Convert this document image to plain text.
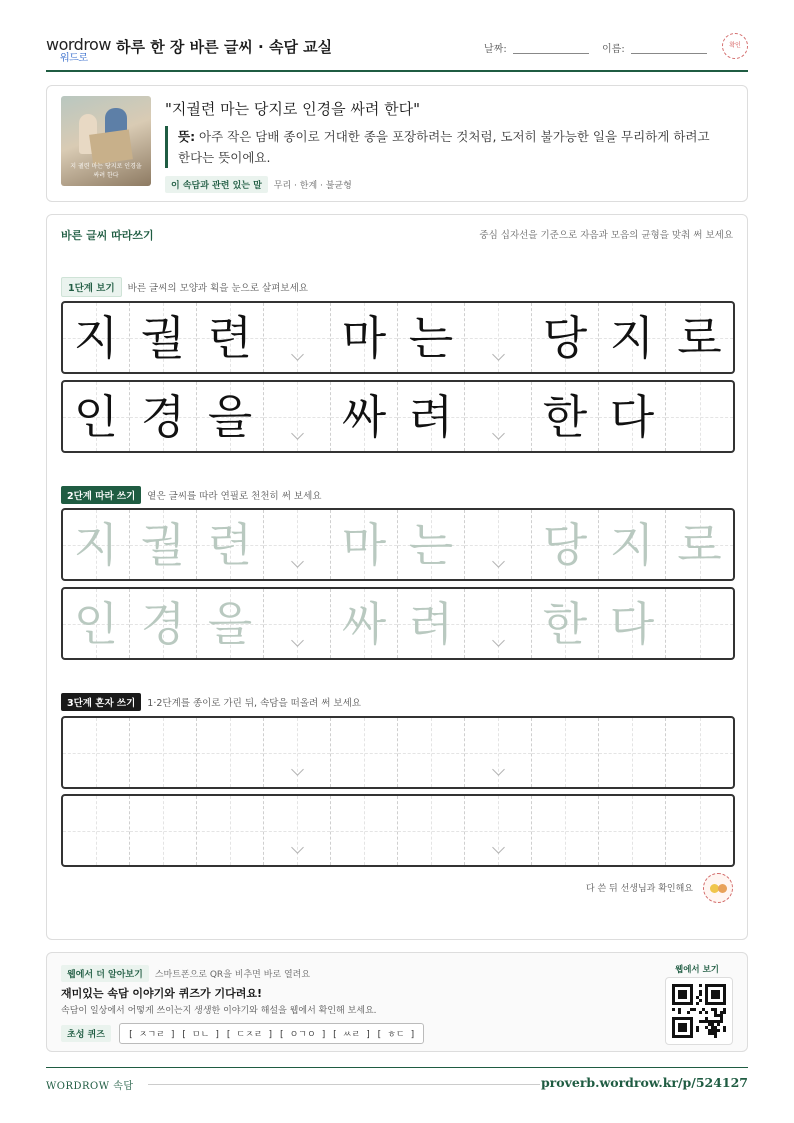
wordrow
워드로
하루 한 장 바른 글씨 · 속담 교실	날짜:	이름:	확인
지 궐련 마는 당지로 인경을 싸려 한다
"지궐련 마는 당지로 인경을 싸려 한다"
뜻: 아주 작은 담배 종이로 거대한 종을 포장하려는 것처럼, 도저히 불가능한 일을 무리하게 하려고 한다는 뜻이에요.
이 속담과 관련 있는 말 무리 · 한계 · 불균형
바른 글씨 따라쓰기	중심 십자선을 기준으로 자음과 모음의 균형을 맞춰 써 보세요
1단계 보기 바른 글씨의 모양과 획을 눈으로 살펴보세요
지 궐 련 마 는 당 지 로
인 경 을 싸 려 한 다
2단계 따라 쓰기 옅은 글씨를 따라 연필로 천천히 써 보세요
지 궐 련 마 는 당 지 로
인 경 을 싸 려 한 다
3단계 혼자 쓰기 1·2단계를 종이로 가린 뒤, 속담을 떠올려 써 보세요
다 쓴 뒤 선생님과 확인해요
웹에서 더 알아보기 스마트폰으로 QR을 비추면 바로 열려요
재미있는 속담 이야기와 퀴즈가 기다려요!
속담이 일상에서 어떻게 쓰이는지 생생한 이야기와 해설을 웹에서 확인해 보세요.
초성 퀴즈	[ ㅈㄱㄹ ] [ ㅁㄴ ] [ ㄷㅈㄹ ] [ ㅇㄱㅇ ] [ ㅆㄹ ] [ ㅎㄷ ]
웹에서 보기
WORDROW 속담	proverb.wordrow.kr/p/524127
